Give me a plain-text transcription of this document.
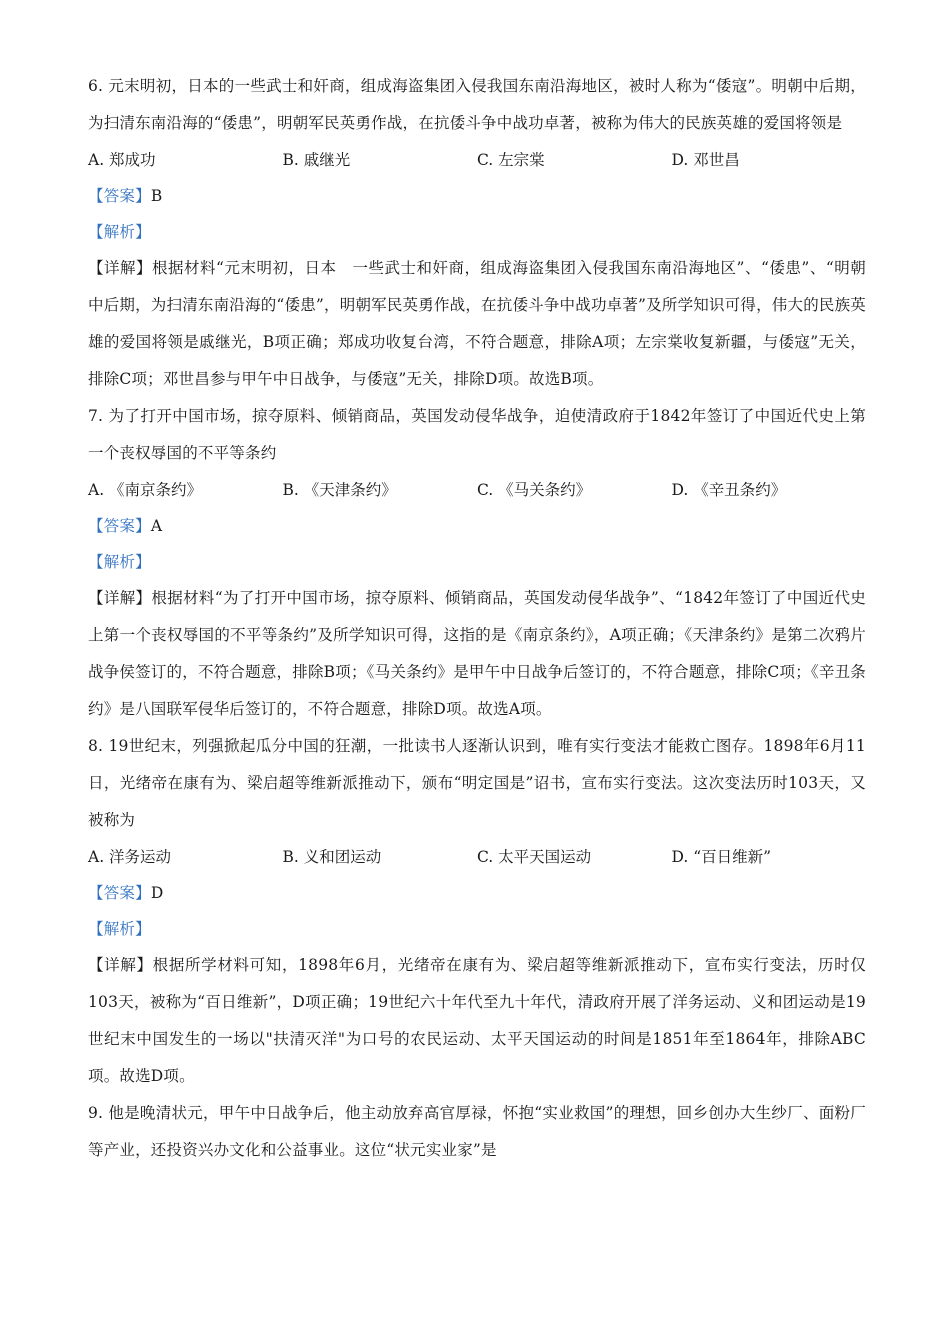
6. 元末明初，日本的一些武士和奸商，组成海盗集团入侵我国东南沿海地区，被时人称为“倭寇”。明朝中后期，为扫清东南沿海的“倭患”，明朝军民英勇作战，在抗倭斗争中战功卓著，被称为伟大的民族英雄的爱国将领是

A. 郑成功	B. 戚继光	C. 左宗棠	D. 邓世昌

【答案】B

【解析】

【详解】根据材料“元末明初，日本　一些武士和奸商，组成海盗集团入侵我国东南沿海地区”、“倭患”、“明朝中后期，为扫清东南沿海的“倭患”，明朝军民英勇作战，在抗倭斗争中战功卓著”及所学知识可得，伟大的民族英雄的爱国将领是戚继光，B项正确；郑成功收复台湾，不符合题意，排除A项；左宗棠收复新疆，与倭寇”无关，排除C项；邓世昌参与甲午中日战争，与倭寇”无关，排除D项。故选B项。

7. 为了打开中国市场，掠夺原料、倾销商品，英国发动侵华战争，迫使清政府于1842年签订了中国近代史上第一个丧权辱国的不平等条约

A. 《南京条约》	B. 《天津条约》	C. 《马关条约》	D. 《辛丑条约》

【答案】A

【解析】

【详解】根据材料“为了打开中国市场，掠夺原料、倾销商品，英国发动侵华战争”、“1842年签订了中国近代史上第一个丧权辱国的不平等条约”及所学知识可得，这指的是《南京条约》，A项正确；《天津条约》是第二次鸦片战争侯签订的，不符合题意，排除B项；《马关条约》是甲午中日战争后签订的，不符合题意，排除C项；《辛丑条约》是八国联军侵华后签订的，不符合题意，排除D项。故选A项。

8. 19世纪末，列强掀起瓜分中国的狂潮，一批读书人逐渐认识到，唯有实行变法才能救亡图存。1898年6月11日，光绪帝在康有为、梁启超等维新派推动下，颁布“明定国是”诏书，宣布实行变法。这次变法历时103天，又被称为

A. 洋务运动	B. 义和团运动	C. 太平天国运动	D. “百日维新”

【答案】D

【解析】

【详解】根据所学材料可知，1898年6月，光绪帝在康有为、梁启超等维新派推动下，宣布实行变法，历时仅103天，被称为“百日维新”，D项正确；19世纪六十年代至九十年代，清政府开展了洋务运动、义和团运动是19世纪末中国发生的一场以"扶清灭洋"为口号的农民运动、太平天国运动的时间是1851年至1864年，排除ABC项。故选D项。

9. 他是晚清状元，甲午中日战争后，他主动放弃高官厚禄，怀抱“实业救国”的理想，回乡创办大生纱厂、面粉厂等产业，还投资兴办文化和公益事业。这位“状元实业家”是
